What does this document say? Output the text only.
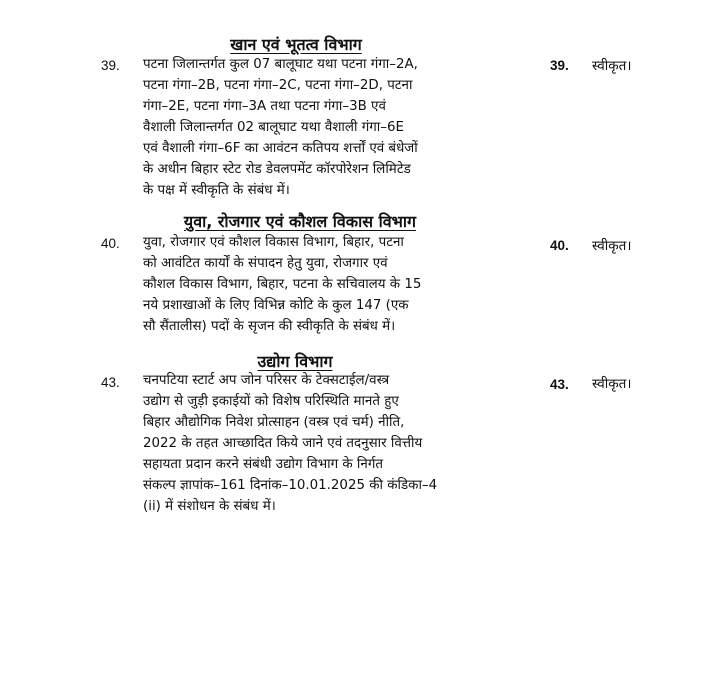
खान एवं भूतत्व विभाग
39. पटना जिलान्तर्गत कुल 07 बालूघाट यथा पटना गंगा–2A,
पटना गंगा–2B, पटना गंगा–2C, पटना गंगा–2D, पटना
गंगा–2E, पटना गंगा–3A तथा पटना गंगा–3B एवं
वैशाली जिलान्तर्गत 02 बालूघाट यथा वैशाली गंगा–6E
एवं वैशाली गंगा–6F का आवंटन कतिपय शर्त्तों एवं बंधेजों
के अधीन बिहार स्टेट रोड डेवलपमेंट कॉरपोरेशन लिमिटेड
के पक्ष में स्वीकृति के संबंध में।
39. स्वीकृत।
युवा, रोजगार एवं कौशल विकास विभाग
40. युवा, रोजगार एवं कौशल विकास विभाग, बिहार, पटना
को आवंटित कार्यों के संपादन हेतु युवा, रोजगार एवं
कौशल विकास विभाग, बिहार, पटना के सचिवालय के 15
नये प्रशाखाओं के लिए विभिन्न कोटि के कुल 147 (एक
सौ सैंतालीस) पदों के सृजन की स्वीकृति के संबंध में।
40. स्वीकृत।
उद्योग विभाग
43. चनपटिया स्टार्ट अप जोन परिसर के टेक्सटाईल/वस्त्र
उद्योग से जुड़ी इकाईयों को विशेष परिस्थिति मानते हुए
बिहार औद्योगिक निवेश प्रोत्साहन (वस्त्र एवं चर्म) नीति,
2022 के तहत आच्छादित किये जाने एवं तदनुसार वित्तीय
सहायता प्रदान करने संबंधी उद्योग विभाग के निर्गत
संकल्प ज्ञापांक–161 दिनांक–10.01.2025 की कंडिका–4
(ii) में संशोधन के संबंध में।
43. स्वीकृत।
